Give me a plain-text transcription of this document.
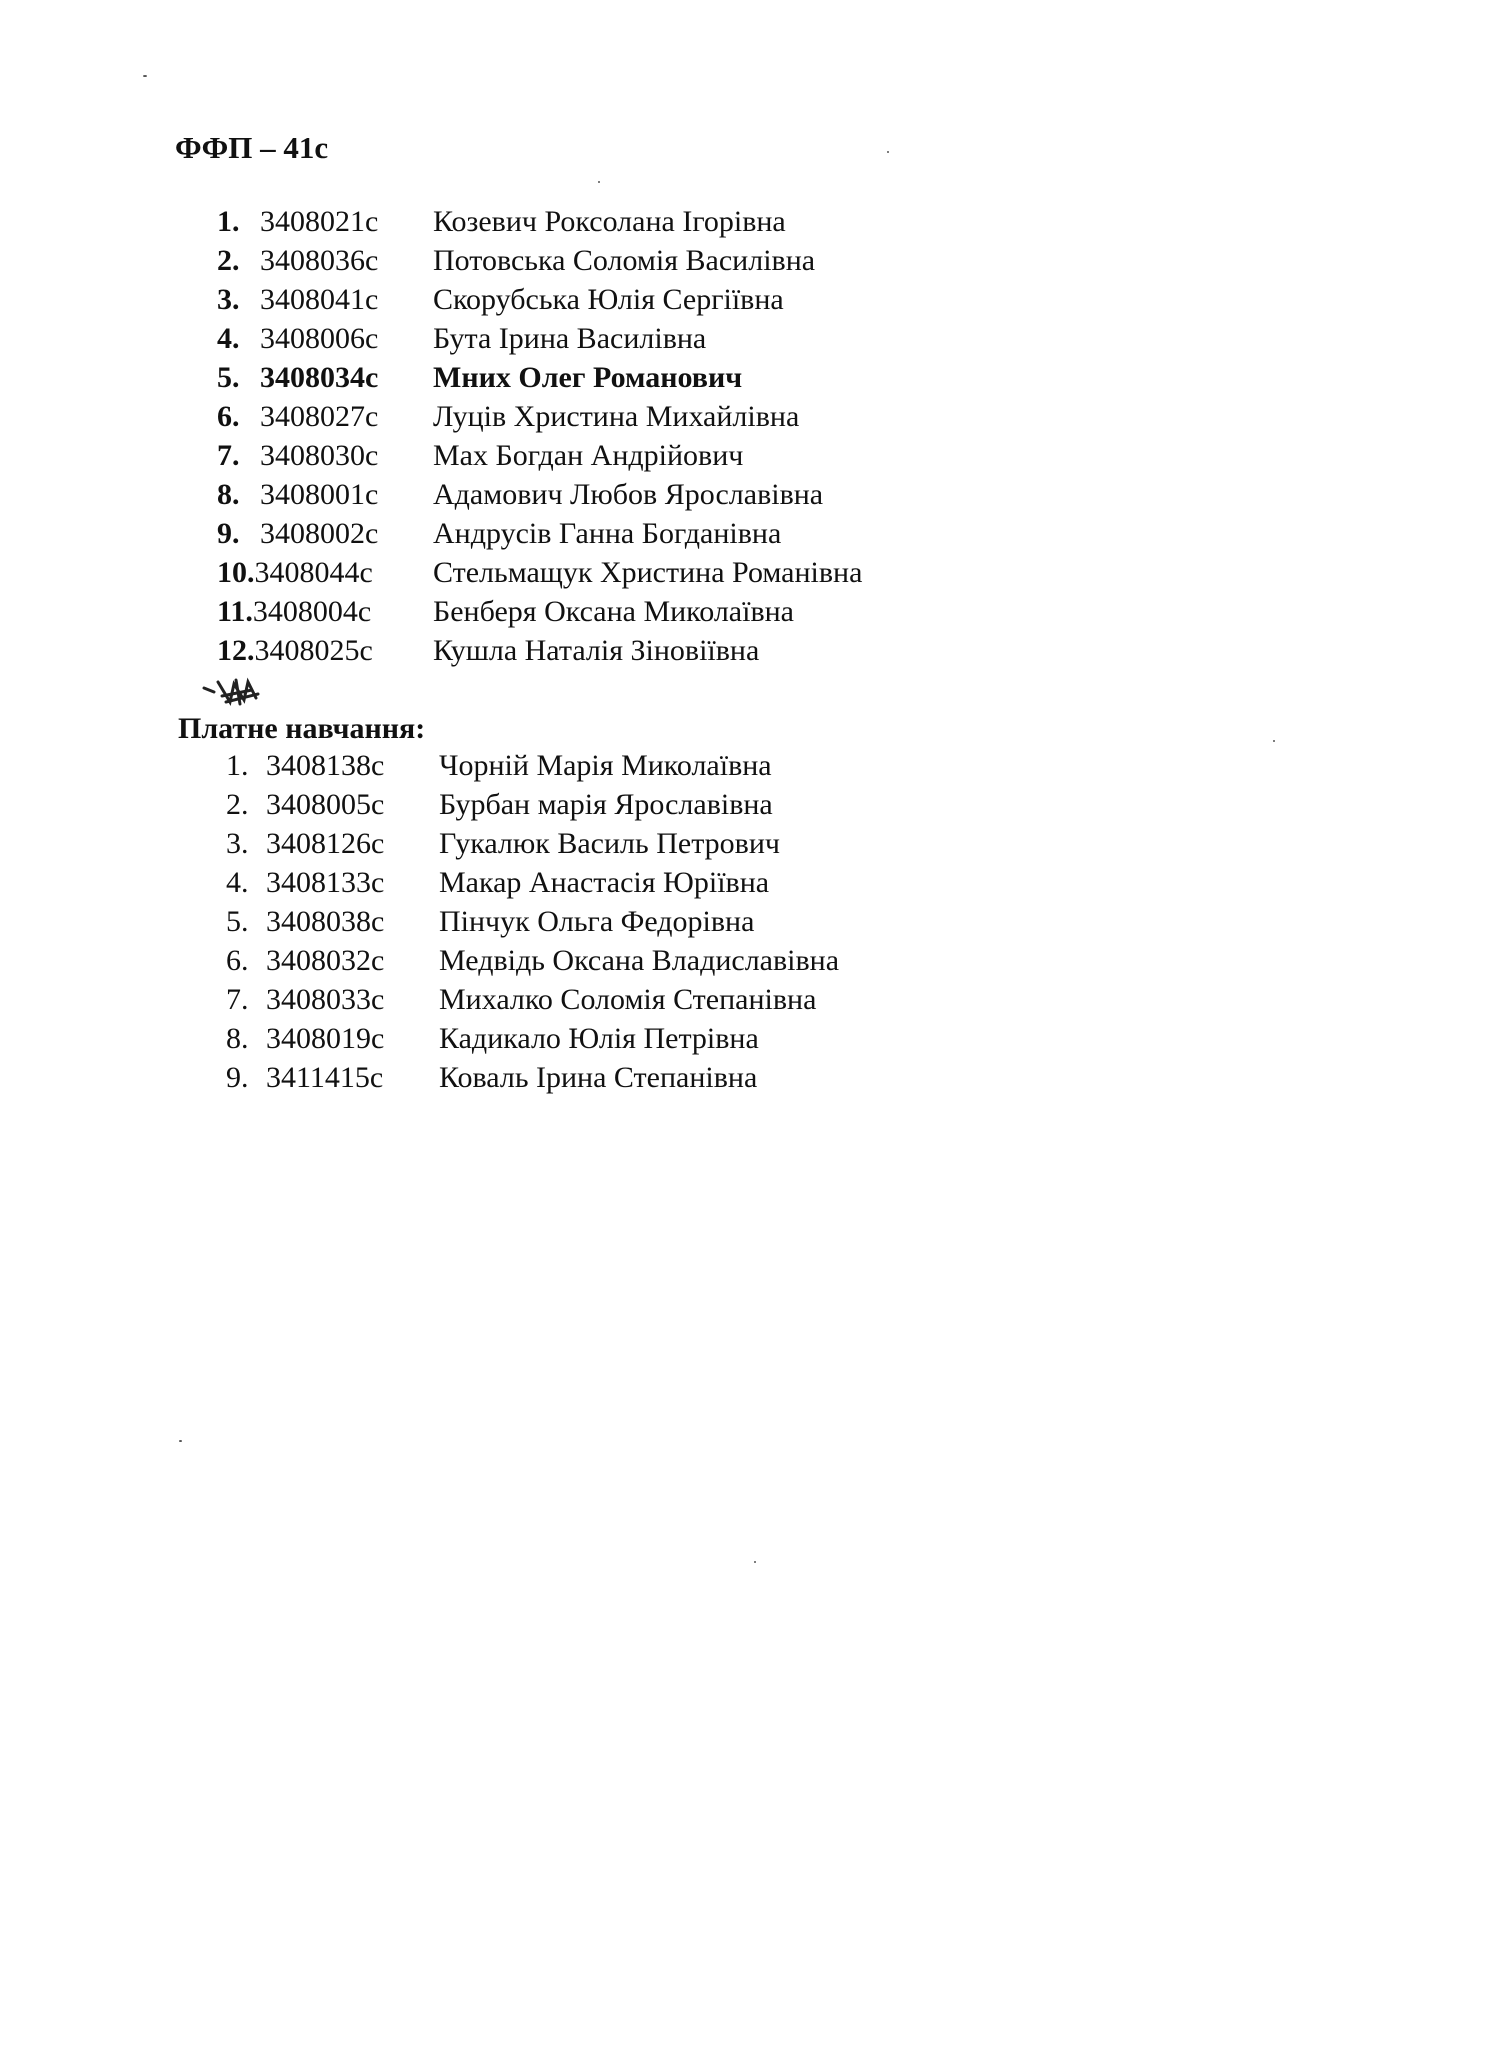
ФФП – 41с
1. 3408021с Козевич Роксолана Ігорівна
2. 3408036с Потовська Соломія Василівна
3. 3408041с Скорубська Юлія Сергіївна
4. 3408006с Бута Ірина Василівна
5. 3408034с Мних Олег Романович
6. 3408027с Луців Христина Михайлівна
7. 3408030с Мах Богдан Андрійович
8. 3408001с Адамович Любов Ярославівна
9. 3408002с Андрусів Ганна Богданівна
10.3408044с Стельмащук Христина Романівна
11.3408004с Бенберя Оксана Миколаївна
12.3408025с Кушла Наталія Зіновіївна
Платне навчання:
1. 3408138с Чорній Марія Миколаївна
2. 3408005с Бурбан марія Ярославівна
3. 3408126с Гукалюк Василь Петрович
4. 3408133с Макар Анастасія Юріївна
5. 3408038с Пінчук Ольга Федорівна
6. 3408032с Медвідь Оксана Владиславівна
7. 3408033с Михалко Соломія Степанівна
8. 3408019с Кадикало Юлія Петрівна
9. 3411415с Коваль Ірина Степанівна
